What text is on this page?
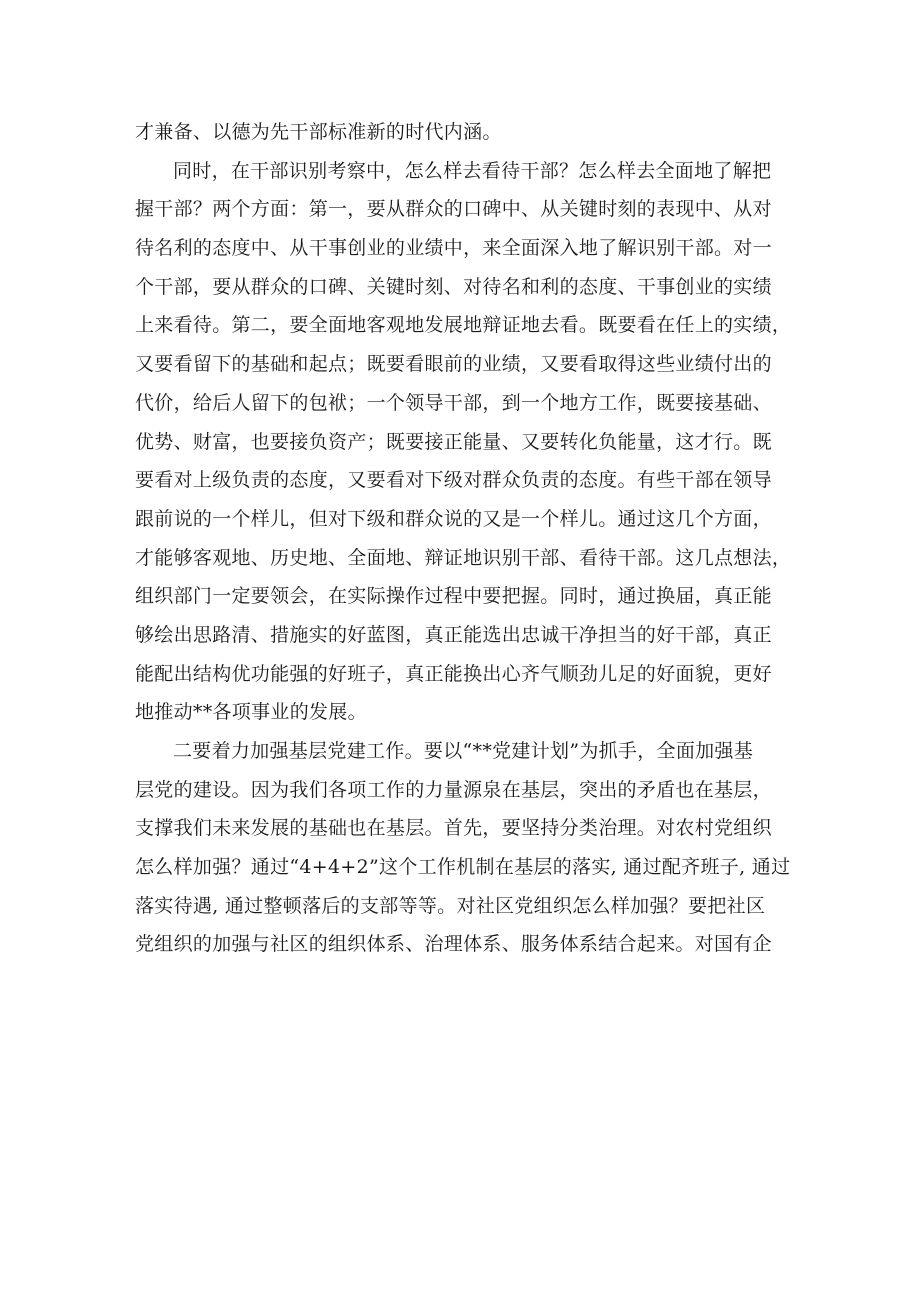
才兼备、以德为先干部标准新的时代内涵。
同时，在干部识别考察中，怎么样去看待干部？怎么样去全面地了解把
握干部？两个方面：第一，要从群众的口碑中、从关键时刻的表现中、从对
待名利的态度中、从干事创业的业绩中，来全面深入地了解识别干部。对一
个干部，要从群众的口碑、关键时刻、对待名和利的态度、干事创业的实绩
上来看待。第二，要全面地客观地发展地辩证地去看。既要看在任上的实绩，
又要看留下的基础和起点；既要看眼前的业绩，又要看取得这些业绩付出的
代价，给后人留下的包袱；一个领导干部，到一个地方工作，既要接基础、
优势、财富，也要接负资产；既要接正能量、又要转化负能量，这才行。既
要看对上级负责的态度，又要看对下级对群众负责的态度。有些干部在领导
跟前说的一个样儿，但对下级和群众说的又是一个样儿。通过这几个方面，
才能够客观地、历史地、全面地、辩证地识别干部、看待干部。这几点想法，
组织部门一定要领会，在实际操作过程中要把握。同时，通过换届，真正能
够绘出思路清、措施实的好蓝图，真正能选出忠诚干净担当的好干部，真正
能配出结构优功能强的好班子，真正能换出心齐气顺劲儿足的好面貌，更好
地推动**各项事业的发展。
二要着力加强基层党建工作。要以“**党建计划”为抓手，全面加强基
层党的建设。因为我们各项工作的力量源泉在基层，突出的矛盾也在基层，
支撑我们未来发展的基础也在基层。首先，要坚持分类治理。对农村党组织
怎么样加强？通过“4+4+2”这个工作机制在基层的落实, 通过配齐班子, 通过
落实待遇, 通过整顿落后的支部等等。对社区党组织怎么样加强？要把社区
党组织的加强与社区的组织体系、治理体系、服务体系结合起来。对国有企
